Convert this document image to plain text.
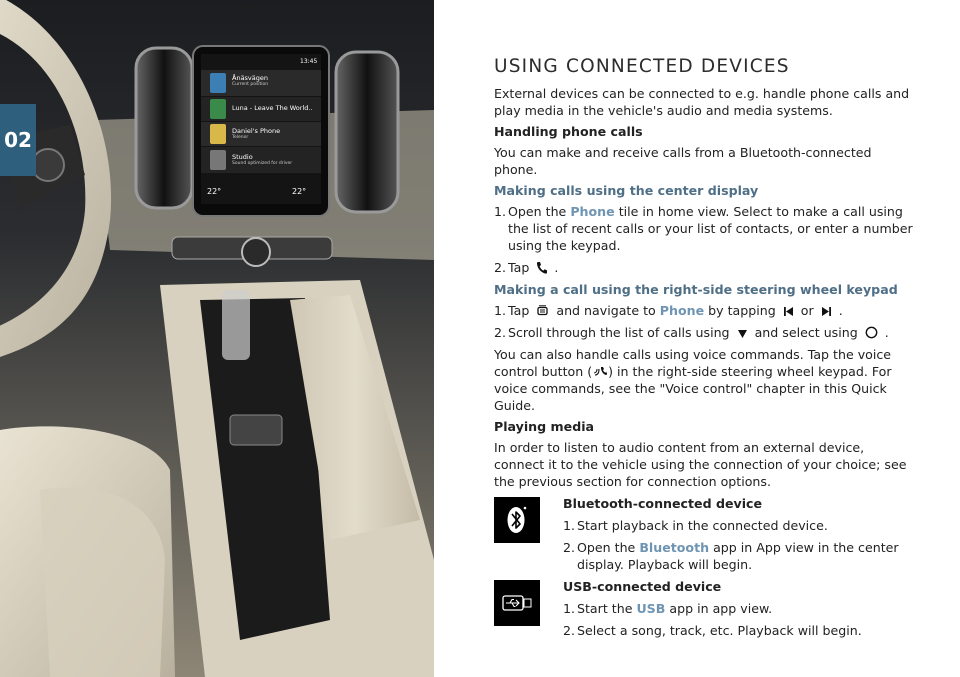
02
13:45
Ånäsvägen
Current position
Luna - Leave The World..
Daniel's Phone
Telenor
Studio
Sound optimized for driver
22°	22°
USING CONNECTED DEVICES

External devices can be connected to e.g. handle phone calls and play media in the vehicle's audio and media systems.

Handling phone calls

You can make and receive calls from a Bluetooth-connected phone.

Making calls using the center display

1. Open the Phone tile in home view. Select to make a call using the list of recent calls or your list of contacts, or enter a number using the keypad.
2. Tap .

Making a call using the right-side steering wheel keypad

1. Tap and navigate to Phone by tapping or .
2. Scroll through the list of calls using and select using .

You can also handle calls using voice commands. Tap the voice control button ( ) in the right-side steering wheel keypad. For voice commands, see the "Voice control" chapter in this Quick Guide.

Playing media

In order to listen to audio content from an external device, connect it to the vehicle using the connection of your choice; see the previous section for connection options.

Bluetooth-connected device
1. Start playback in the connected device.
2. Open the Bluetooth app in App view in the center display. Playback will begin.
USB-connected device
1. Start the USB app in app view.
2. Select a song, track, etc. Playback will begin.
